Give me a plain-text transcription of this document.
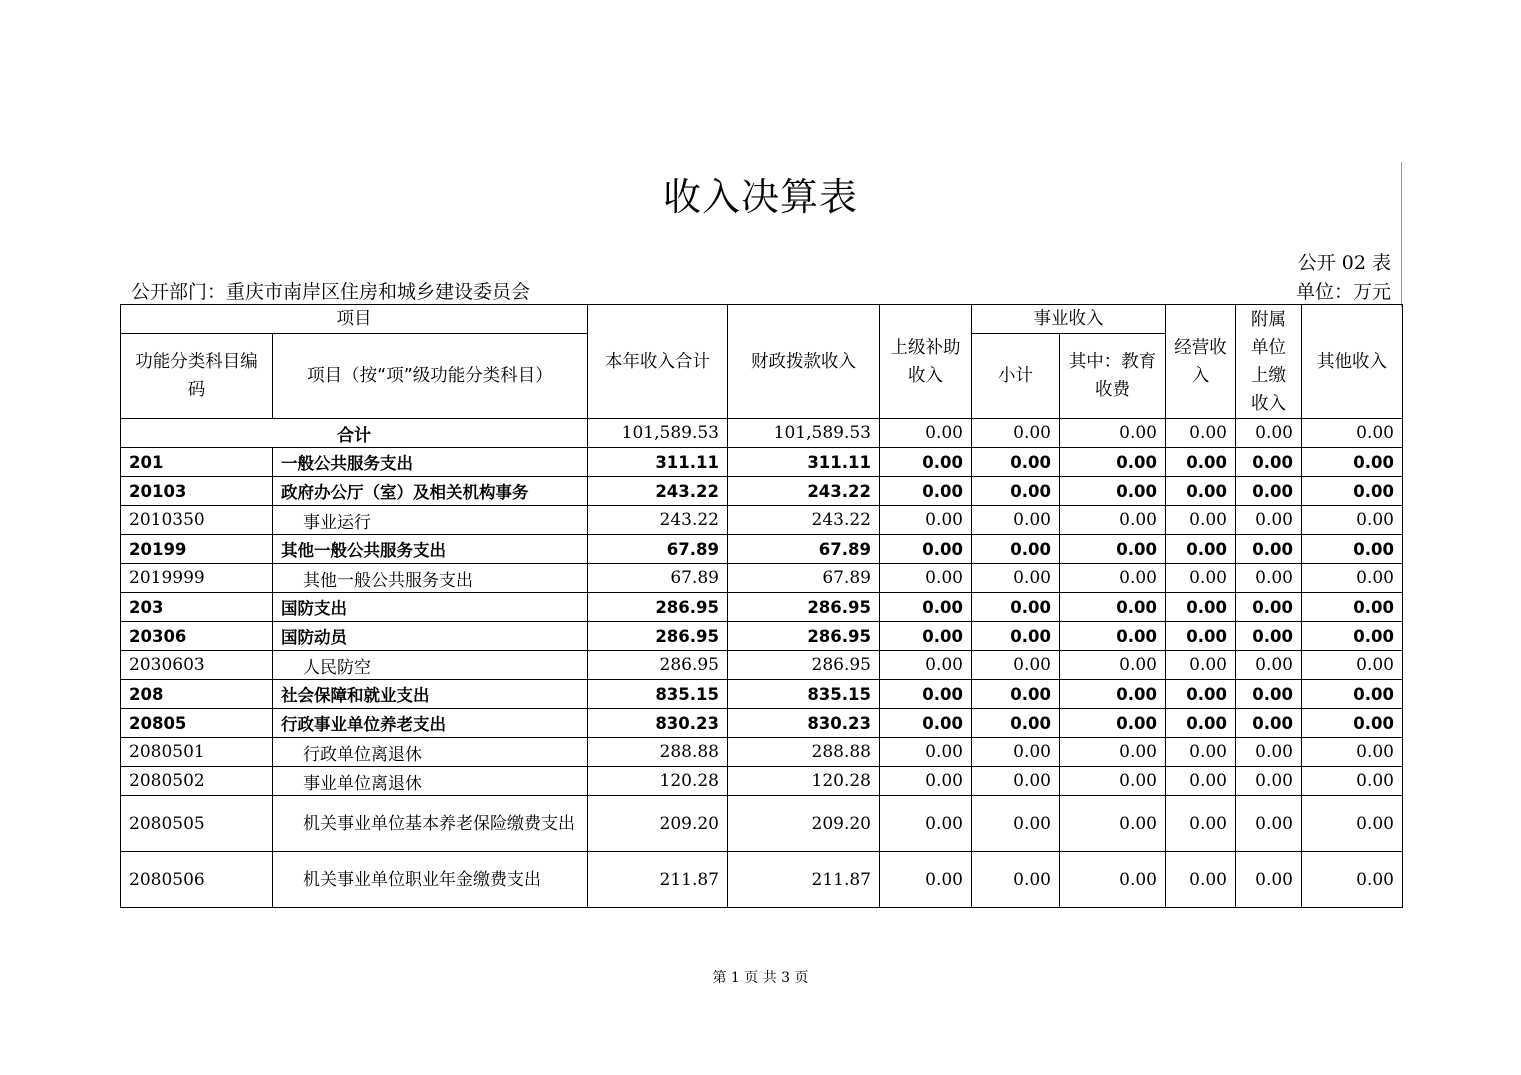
收入决算表
公开 02 表
公开部门：重庆市南岸区住房和城乡建设委员会	单位：万元
项目		本年收入合计	财政拨款收入	上级补助收入	事业收入		经营收入	附属单位上缴收入	其他收入
功能分类科目编码	项目（按“项”级功能分类科目）				小计	其中：教育收费			
合计		101,589.53	101,589.53	0.00	0.00	0.00	0.00	0.00	0.00
201	一般公共服务支出	311.11	311.11	0.00	0.00	0.00	0.00	0.00	0.00
20103	政府办公厅（室）及相关机构事务	243.22	243.22	0.00	0.00	0.00	0.00	0.00	0.00
2010350	事业运行	243.22	243.22	0.00	0.00	0.00	0.00	0.00	0.00
20199	其他一般公共服务支出	67.89	67.89	0.00	0.00	0.00	0.00	0.00	0.00
2019999	其他一般公共服务支出	67.89	67.89	0.00	0.00	0.00	0.00	0.00	0.00
203	国防支出	286.95	286.95	0.00	0.00	0.00	0.00	0.00	0.00
20306	国防动员	286.95	286.95	0.00	0.00	0.00	0.00	0.00	0.00
2030603	人民防空	286.95	286.95	0.00	0.00	0.00	0.00	0.00	0.00
208	社会保障和就业支出	835.15	835.15	0.00	0.00	0.00	0.00	0.00	0.00
20805	行政事业单位养老支出	830.23	830.23	0.00	0.00	0.00	0.00	0.00	0.00
2080501	行政单位离退休	288.88	288.88	0.00	0.00	0.00	0.00	0.00	0.00
2080502	事业单位离退休	120.28	120.28	0.00	0.00	0.00	0.00	0.00	0.00
2080505	机关事业单位基本养老保险缴费支出	209.20	209.20	0.00	0.00	0.00	0.00	0.00	0.00
2080506	机关事业单位职业年金缴费支出	211.87	211.87	0.00	0.00	0.00	0.00	0.00	0.00
第 1 页 共 3 页
